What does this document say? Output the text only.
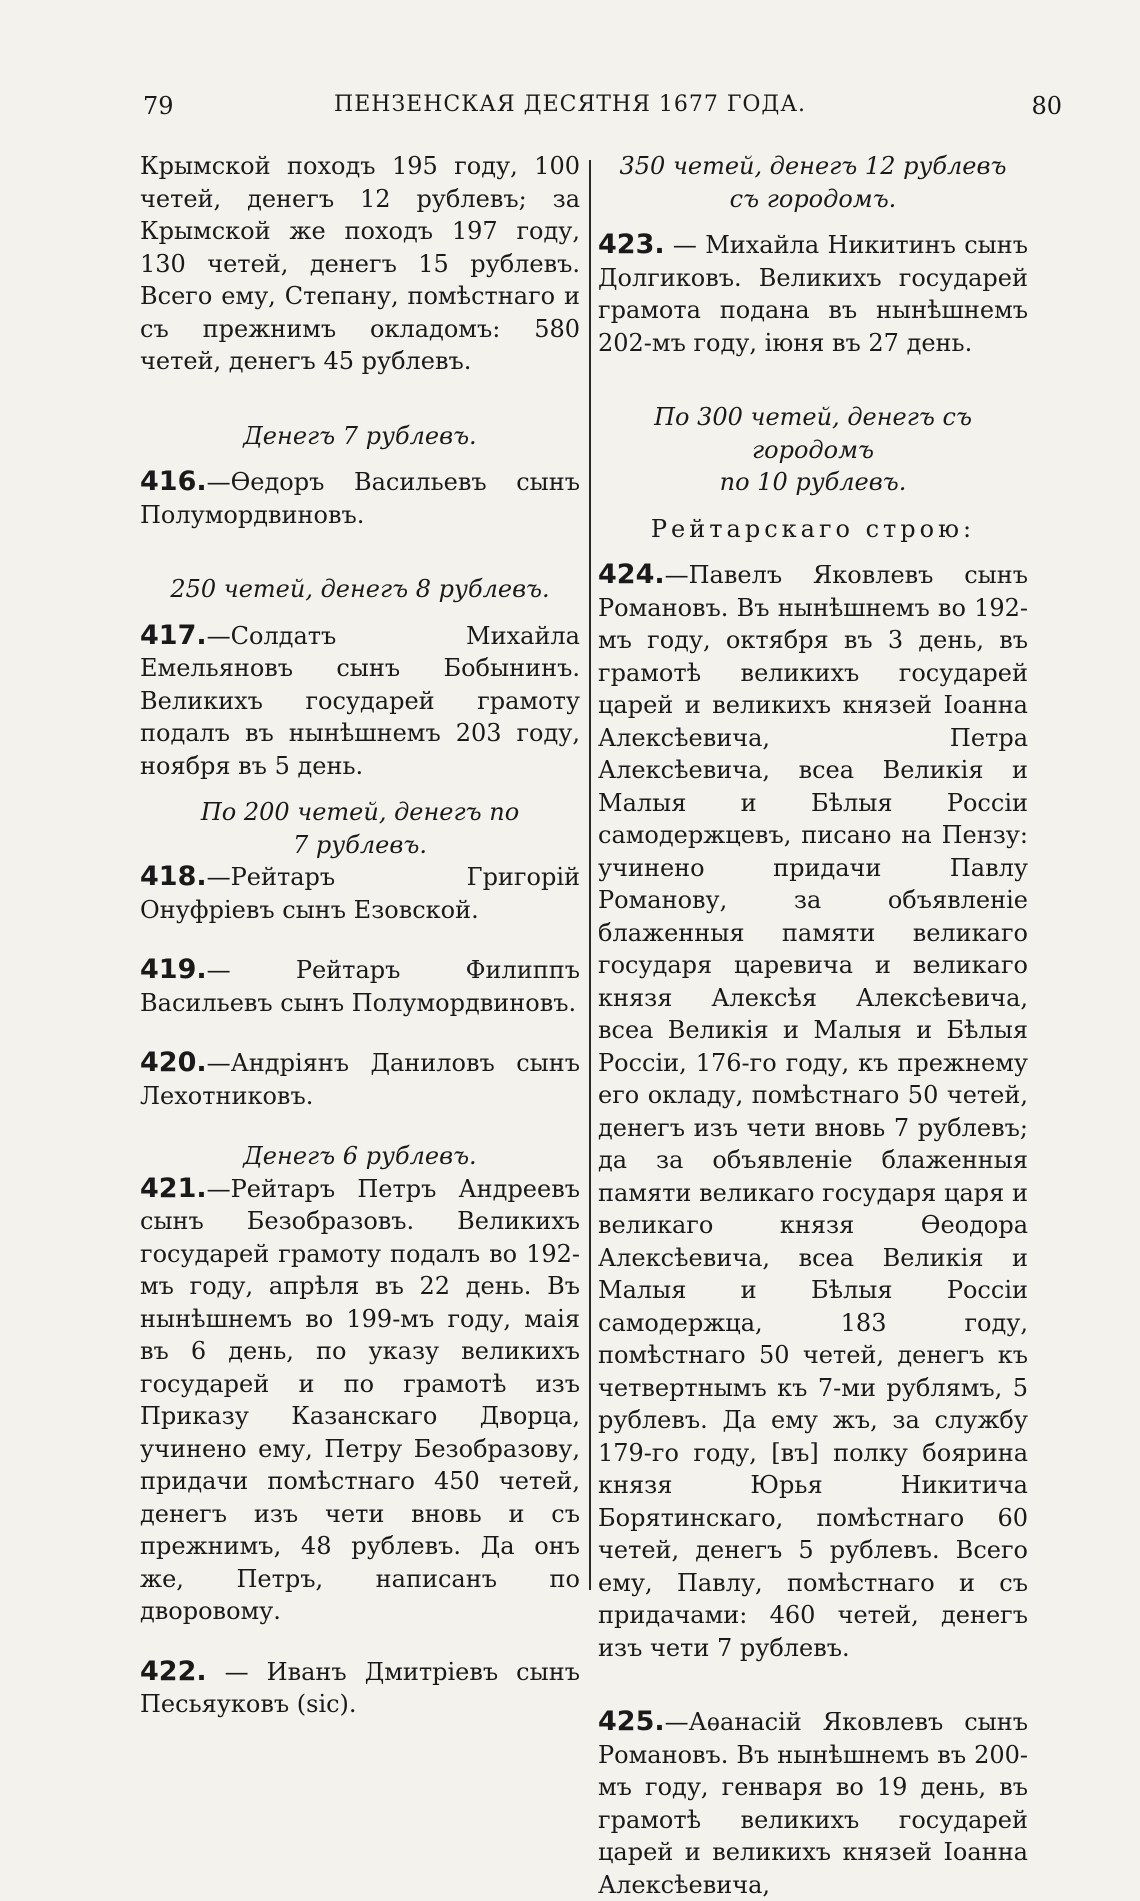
79	ПЕНЗЕНСКАЯ ДЕСЯТНЯ 1677 ГОДА.	80

Крымской походъ 195 году, 100 четей, денегъ 12 рублевъ; за Крымской же походъ 197 году, 130 четей, денегъ 15 рублевъ. Всего ему, Степану, помѣстнаго и съ прежнимъ окладомъ: 580 четей, денегъ 45 рублевъ.

Денегъ 7 рублевъ.

416.—Ѳедоръ Васильевъ сынъ Полумордвиновъ.

250 четей, денегъ 8 рублевъ.

417.—Солдатъ Михайла Емельяновъ сынъ Бобынинъ. Великихъ государей грамоту подалъ въ нынѣшнемъ 203 году, ноября въ 5 день.

По 200 четей, денегъ по

7 рублевъ.

418.—Рейтаръ Григорій Онуфріевъ сынъ Езовской.

419.— Рейтаръ Филиппъ Васильевъ сынъ Полумордвиновъ.

420.—Андріянъ Даниловъ сынъ Лехотниковъ.

Денегъ 6 рублевъ.

421.—Рейтаръ Петръ Андреевъ сынъ Безобразовъ. Великихъ государей грамоту подалъ во 192-мъ году, апрѣля въ 22 день. Въ нынѣшнемъ во 199-мъ году, маія въ 6 день, по указу великихъ государей и по грамотѣ изъ Приказу Казанскаго Дворца, учинено ему, Петру Безобразову, придачи помѣстнаго 450 четей, денегъ изъ чети вновь и съ прежнимъ, 48 рублевъ. Да онъ же, Петръ, написанъ по дворовому.

422. — Иванъ Дмитріевъ сынъ Песьяуковъ (sic).

350 четей, денегъ 12 рублевъ

съ городомъ.

423. — Михайла Никитинъ сынъ Долгиковъ. Великихъ государей грамота подана въ нынѣшнемъ 202-мъ году, іюня въ 27 день.

По 300 четей, денегъ съ городомъ

по 10 рублевъ.

Рейтарскаго строю:

424.—Павелъ Яковлевъ сынъ Романовъ. Въ нынѣшнемъ во 192-мъ году, октября въ 3 день, въ грамотѣ великихъ государей царей и великихъ князей Іоанна Алексѣевича, Петра Алексѣевича, всеа Великія и Малыя и Бѣлыя Россіи самодержцевъ, писано на Пензу: учинено придачи Павлу Романову, за объявленіе блаженныя памяти великаго государя царевича и великаго князя Алексѣя Алексѣевича, всеа Великія и Малыя и Бѣлыя Россіи, 176-го году, къ прежнему его окладу, помѣстнаго 50 четей, денегъ изъ чети вновь 7 рублевъ; да за объявленіе блаженныя памяти великаго государя царя и великаго князя Ѳеодора Алексѣевича, всеа Великія и Малыя и Бѣлыя Россіи самодержца, 183 году, помѣстнаго 50 четей, денегъ къ четвертнымъ къ 7-ми рублямъ, 5 рублевъ. Да ему жъ, за службу 179-го году, [въ] полку боярина князя Юрья Никитича Борятинскаго, помѣстнаго 60 четей, денегъ 5 рублевъ. Всего ему, Павлу, помѣстнаго и съ придачами: 460 четей, денегъ изъ чети 7 рублевъ.

425.—Аѳанасій Яковлевъ сынъ Романовъ. Въ нынѣшнемъ въ 200-мъ году, генваря во 19 день, въ грамотѣ великихъ государей царей и великихъ князей Іоанна Алексѣевича,
